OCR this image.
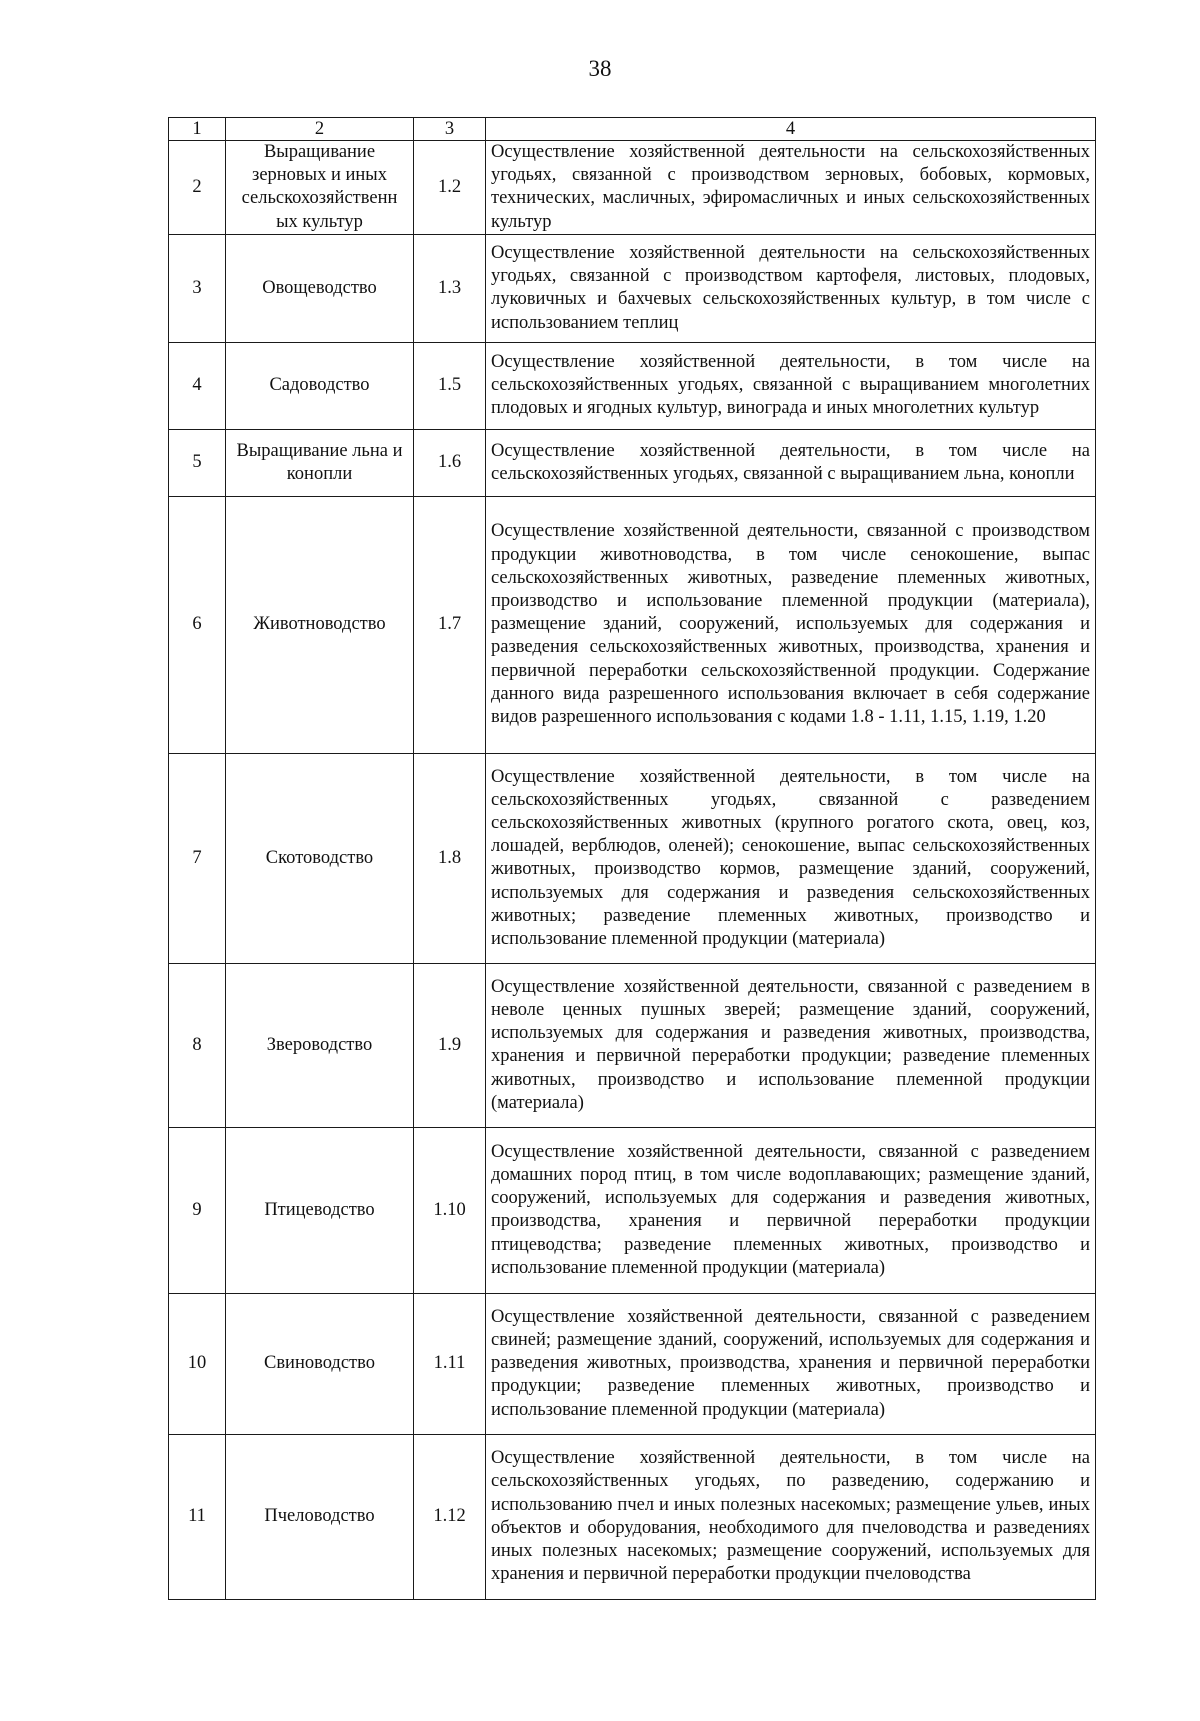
38
1	2	3	4
2	Выращивание зерновых и иных сельскохозяйственн ых культур	1.2	Осуществление хозяйственной деятельности на сельскохозяйственных угодьях, связанной с производством зерновых, бобовых, кормовых, технических, масличных, эфиромасличных и иных сельскохозяйственных культур
3	Овощеводство	1.3	Осуществление хозяйственной деятельности на сельскохозяйственных угодьях, связанной с производством картофеля, листовых, плодовых, луковичных и бахчевых сельскохозяйственных культур, в том числе с использованием теплиц
4	Садоводство	1.5	Осуществление хозяйственной деятельности, в том числе на сельскохозяйственных угодьях, связанной с выращиванием многолетних плодовых и ягодных культур, винограда и иных многолетних культур
5	Выращивание льна и конопли	1.6	Осуществление хозяйственной деятельности, в том числе на сельскохозяйственных угодьях, связанной с выращиванием льна, конопли
6	Животноводство	1.7	Осуществление хозяйственной деятельности, связанной с производством продукции животноводства, в том числе сенокошение, выпас сельскохозяйственных животных, разведение племенных животных, производство и использование племенной продукции (материала), размещение зданий, сооружений, используемых для содержания и разведения сельскохозяйственных животных, производства, хранения и первичной переработки сельскохозяйственной продукции. Содержание данного вида разрешенного использования включает в себя содержание видов разрешенного использования с кодами 1.8 - 1.11, 1.15, 1.19, 1.20
7	Скотоводство	1.8	Осуществление хозяйственной деятельности, в том числе на сельскохозяйственных угодьях, связанной с разведением сельскохозяйственных животных (крупного рогатого скота, овец, коз, лошадей, верблюдов, оленей); сенокошение, выпас сельскохозяйственных животных, производство кормов, размещение зданий, сооружений, используемых для содержания и разведения сельскохозяйственных животных; разведение племенных животных, производство и использование племенной продукции (материала)
8	Звероводство	1.9	Осуществление хозяйственной деятельности, связанной с разведением в неволе ценных пушных зверей; размещение зданий, сооружений, используемых для содержания и разведения животных, производства, хранения и первичной переработки продукции; разведение племенных животных, производство и использование племенной продукции (материала)
9	Птицеводство	1.10	Осуществление хозяйственной деятельности, связанной с разведением домашних пород птиц, в том числе водоплавающих; размещение зданий, сооружений, используемых для содержания и разведения животных, производства, хранения и первичной переработки продукции птицеводства; разведение племенных животных, производство и использование племенной продукции (материала)
10	Свиноводство	1.11	Осуществление хозяйственной деятельности, связанной с разведением свиней; размещение зданий, сооружений, используемых для содержания и разведения животных, производства, хранения и первичной переработки продукции; разведение племенных животных, производство и использование племенной продукции (материала)
11	Пчеловодство	1.12	Осуществление хозяйственной деятельности, в том числе на сельскохозяйственных угодьях, по разведению, содержанию и использованию пчел и иных полезных насекомых; размещение ульев, иных объектов и оборудования, необходимого для пчеловодства и разведениях иных полезных насекомых; размещение сооружений, используемых для хранения и первичной переработки продукции пчеловодства
